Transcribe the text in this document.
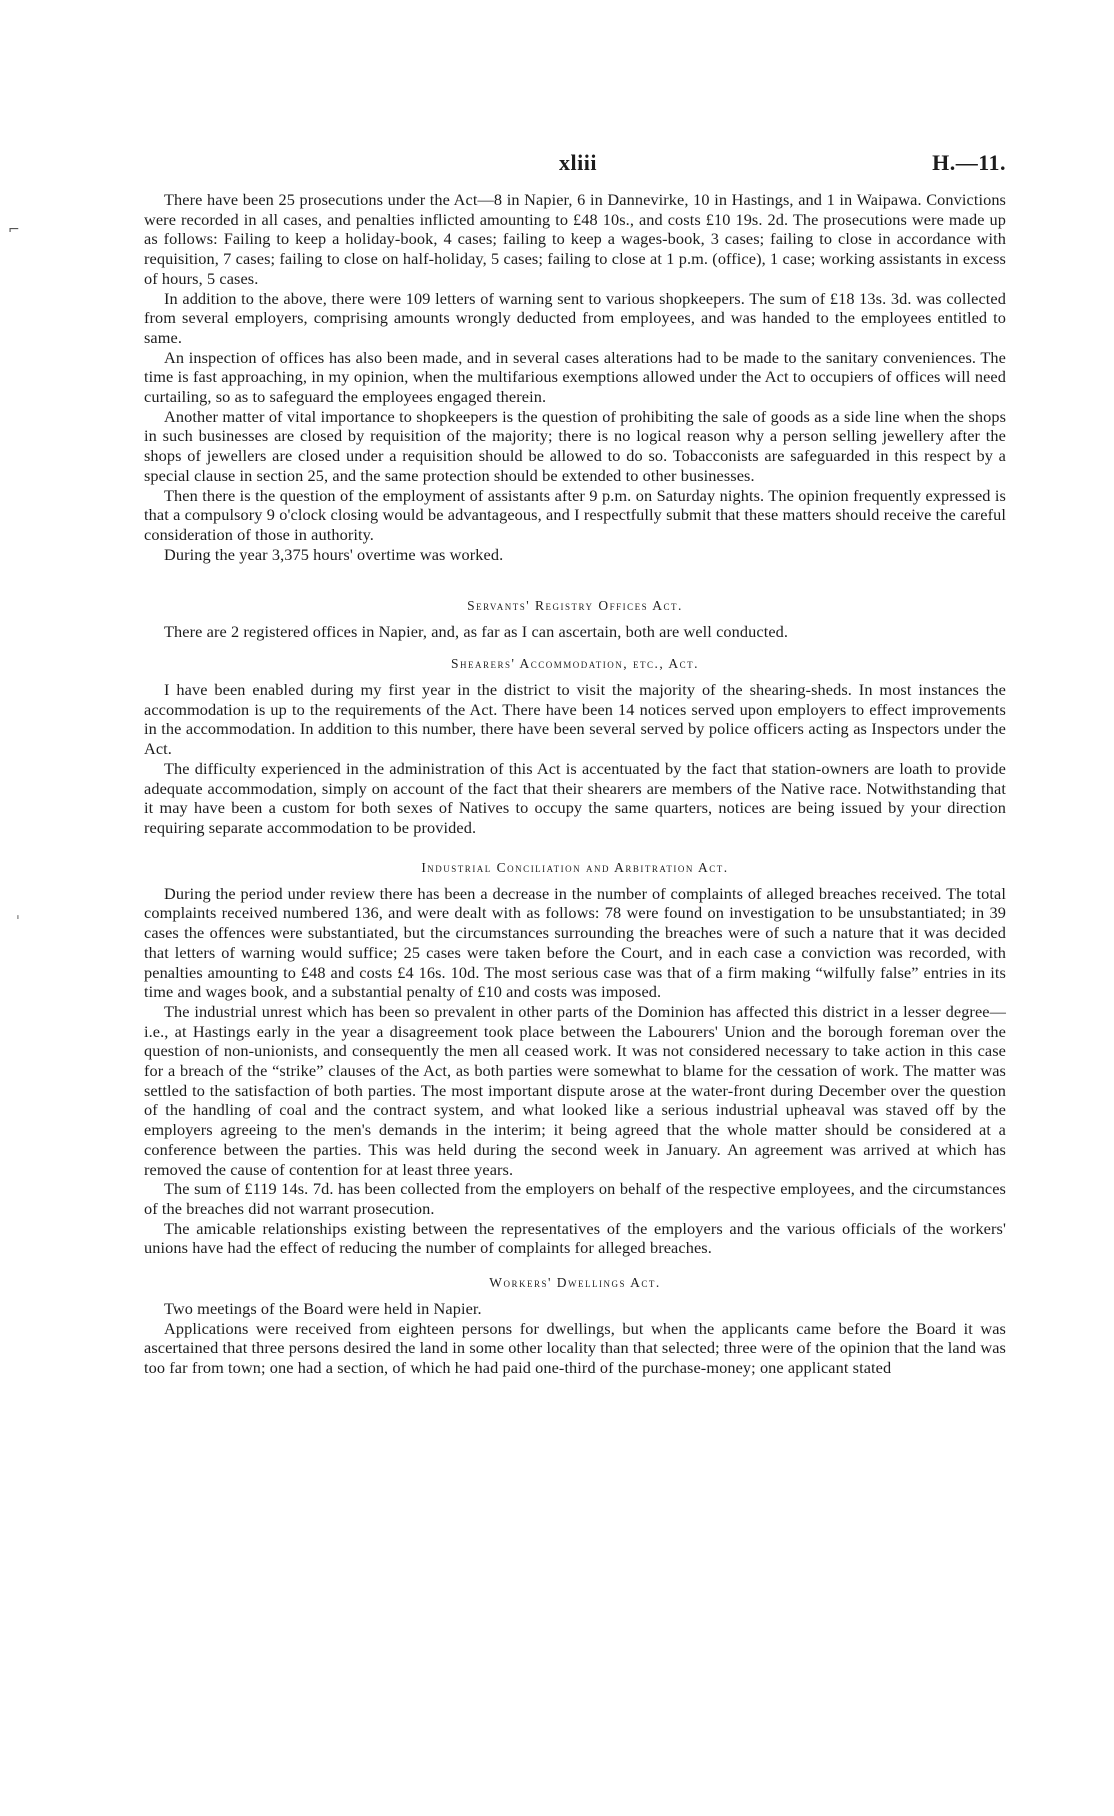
xliii	H.—11.

There have been 25 prosecutions under the Act—8 in Napier, 6 in Dannevirke, 10 in Hastings, and 1 in Waipawa. Convictions were recorded in all cases, and penalties inflicted amounting to £48 10s., and costs £10 19s. 2d. The prosecutions were made up as follows: Failing to keep a holiday-book, 4 cases; failing to keep a wages-book, 3 cases; failing to close in accordance with requisition, 7 cases; failing to close on half-holiday, 5 cases; failing to close at 1 p.m. (office), 1 case; working assistants in excess of hours, 5 cases.

In addition to the above, there were 109 letters of warning sent to various shopkeepers. The sum of £18 13s. 3d. was collected from several employers, comprising amounts wrongly deducted from employees, and was handed to the employees entitled to same.

An inspection of offices has also been made, and in several cases alterations had to be made to the sanitary conveniences. The time is fast approaching, in my opinion, when the multifarious exemptions allowed under the Act to occupiers of offices will need curtailing, so as to safeguard the employees engaged therein.

Another matter of vital importance to shopkeepers is the question of prohibiting the sale of goods as a side line when the shops in such businesses are closed by requisition of the majority; there is no logical reason why a person selling jewellery after the shops of jewellers are closed under a requisition should be allowed to do so. Tobacconists are safeguarded in this respect by a special clause in section 25, and the same protection should be extended to other businesses.

Then there is the question of the employment of assistants after 9 p.m. on Saturday nights. The opinion frequently expressed is that a compulsory 9 o'clock closing would be advantageous, and I respectfully submit that these matters should receive the careful consideration of those in authority.

During the year 3,375 hours' overtime was worked.

Servants' Registry Offices Act.

There are 2 registered offices in Napier, and, as far as I can ascertain, both are well conducted.

Shearers' Accommodation, etc., Act.

I have been enabled during my first year in the district to visit the majority of the shearing-sheds. In most instances the accommodation is up to the requirements of the Act. There have been 14 notices served upon employers to effect improvements in the accommodation. In addition to this number, there have been several served by police officers acting as Inspectors under the Act.

The difficulty experienced in the administration of this Act is accentuated by the fact that station-owners are loath to provide adequate accommodation, simply on account of the fact that their shearers are members of the Native race. Notwithstanding that it may have been a custom for both sexes of Natives to occupy the same quarters, notices are being issued by your direction requiring separate accommodation to be provided.

Industrial Conciliation and Arbitration Act.

During the period under review there has been a decrease in the number of complaints of alleged breaches received. The total complaints received numbered 136, and were dealt with as follows: 78 were found on investigation to be unsubstantiated; in 39 cases the offences were substantiated, but the circumstances surrounding the breaches were of such a nature that it was decided that letters of warning would suffice; 25 cases were taken before the Court, and in each case a conviction was recorded, with penalties amounting to £48 and costs £4 16s. 10d. The most serious case was that of a firm making “wilfully false” entries in its time and wages book, and a substantial penalty of £10 and costs was imposed.

The industrial unrest which has been so prevalent in other parts of the Dominion has affected this district in a lesser degree—i.e., at Hastings early in the year a disagreement took place between the Labourers' Union and the borough foreman over the question of non-unionists, and consequently the men all ceased work. It was not considered necessary to take action in this case for a breach of the “strike” clauses of the Act, as both parties were somewhat to blame for the cessation of work. The matter was settled to the satisfaction of both parties. The most important dispute arose at the water-front during December over the question of the handling of coal and the contract system, and what looked like a serious industrial upheaval was staved off by the employers agreeing to the men's demands in the interim; it being agreed that the whole matter should be considered at a conference between the parties. This was held during the second week in January. An agreement was arrived at which has removed the cause of contention for at least three years.

The sum of £119 14s. 7d. has been collected from the employers on behalf of the respective employees, and the circumstances of the breaches did not warrant prosecution.

The amicable relationships existing between the representatives of the employers and the various officials of the workers' unions have had the effect of reducing the number of complaints for alleged breaches.

Workers' Dwellings Act.

Two meetings of the Board were held in Napier.

Applications were received from eighteen persons for dwellings, but when the applicants came before the Board it was ascertained that three persons desired the land in some other locality than that selected; three were of the opinion that the land was too far from town; one had a section, of which he had paid one-third of the purchase-money; one applicant stated

⌐
ˈ
